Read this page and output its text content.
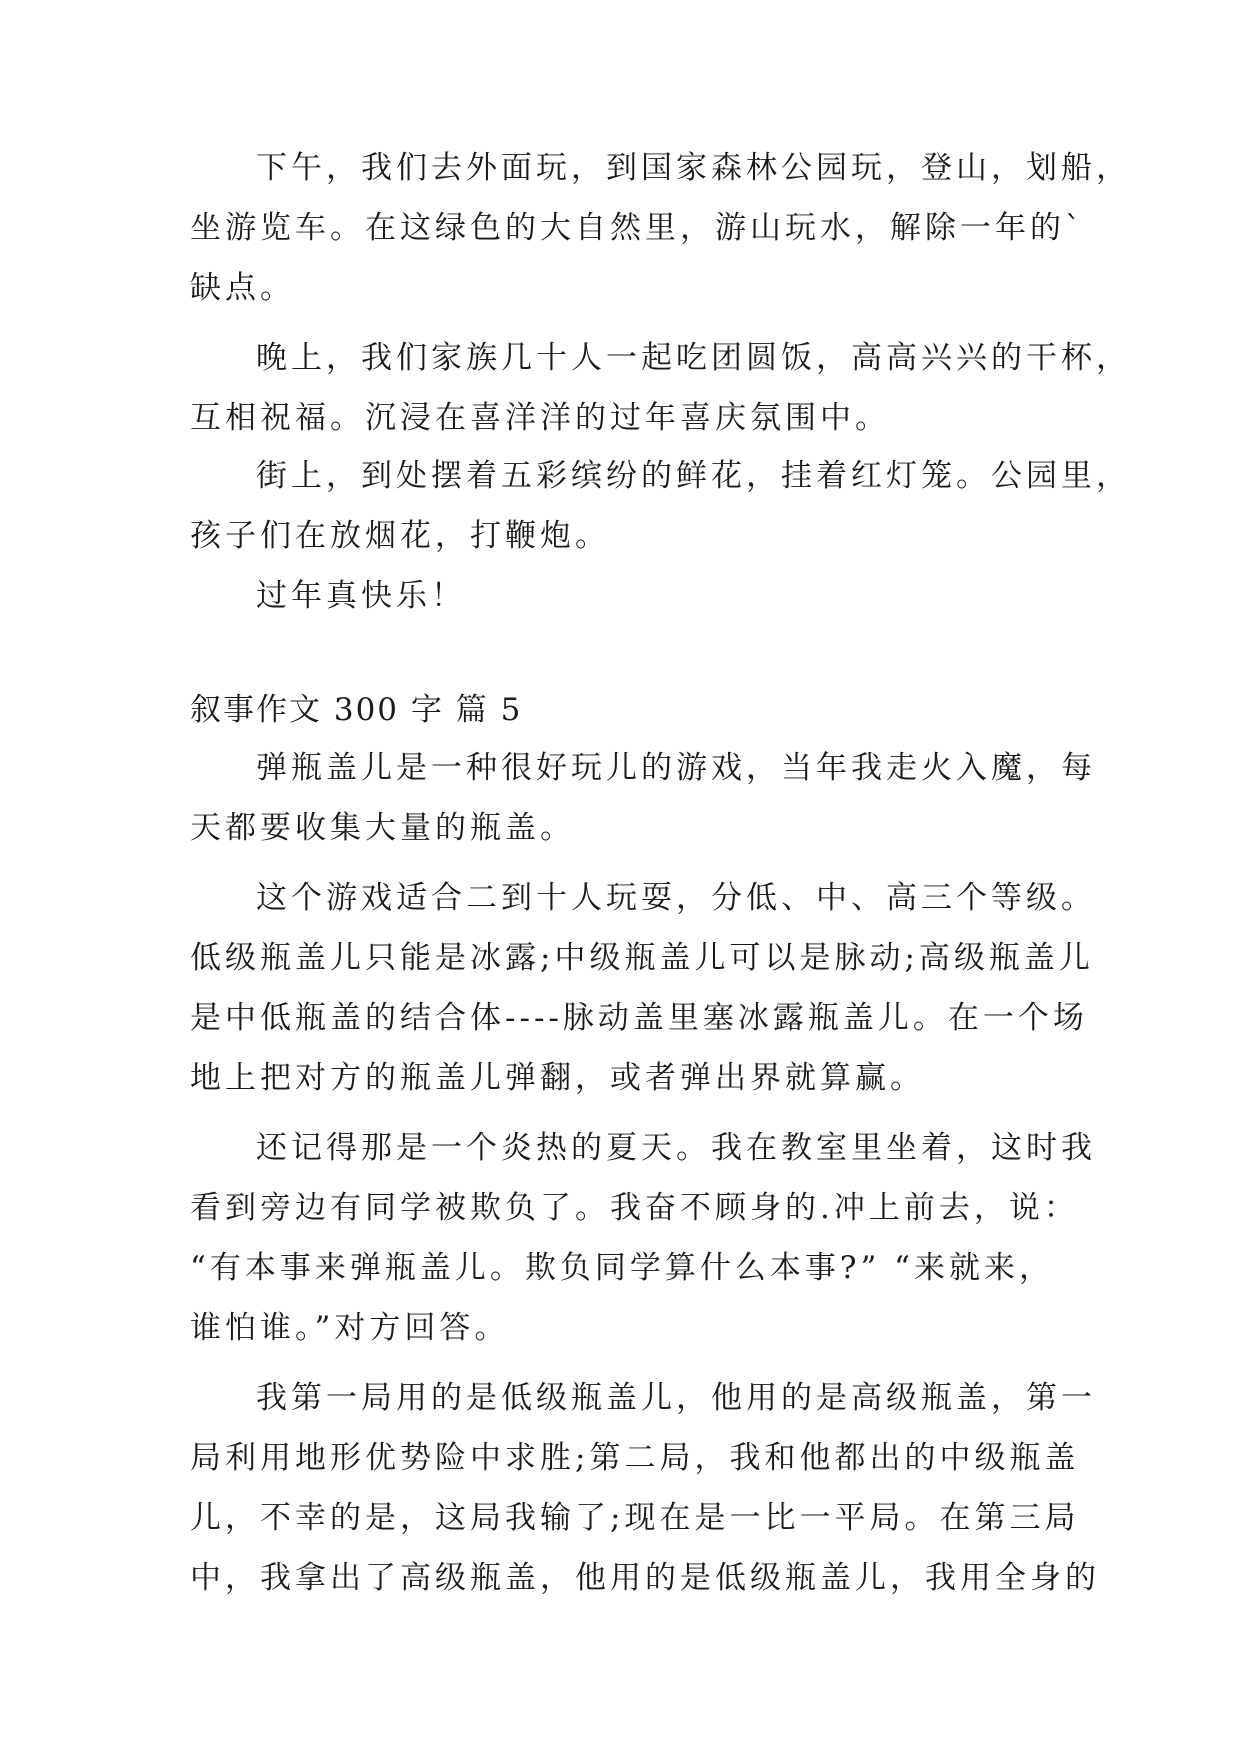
下午，我们去外面玩，到国家森林公园玩，登山，划船，
坐游览车。在这绿色的大自然里，游山玩水，解除一年的`
缺点。
晚上，我们家族几十人一起吃团圆饭，高高兴兴的干杯，
互相祝福。沉浸在喜洋洋的过年喜庆氛围中。
街上，到处摆着五彩缤纷的鲜花，挂着红灯笼。公园里，
孩子们在放烟花，打鞭炮。
过年真快乐！
叙事作文 300 字 篇 5
弹瓶盖儿是一种很好玩儿的游戏，当年我走火入魔，每
天都要收集大量的瓶盖。
这个游戏适合二到十人玩耍，分低、中、高三个等级。
低级瓶盖儿只能是冰露;中级瓶盖儿可以是脉动;高级瓶盖儿
是中低瓶盖的结合体----脉动盖里塞冰露瓶盖儿。在一个场
地上把对方的瓶盖儿弹翻，或者弹出界就算赢。
还记得那是一个炎热的夏天。我在教室里坐着，这时我
看到旁边有同学被欺负了。我奋不顾身的.冲上前去，说：
“有本事来弹瓶盖儿。欺负同学算什么本事?” “来就来，
谁怕谁。”对方回答。
我第一局用的是低级瓶盖儿，他用的是高级瓶盖，第一
局利用地形优势险中求胜;第二局，我和他都出的中级瓶盖
儿，不幸的是，这局我输了;现在是一比一平局。在第三局
中，我拿出了高级瓶盖，他用的是低级瓶盖儿，我用全身的
